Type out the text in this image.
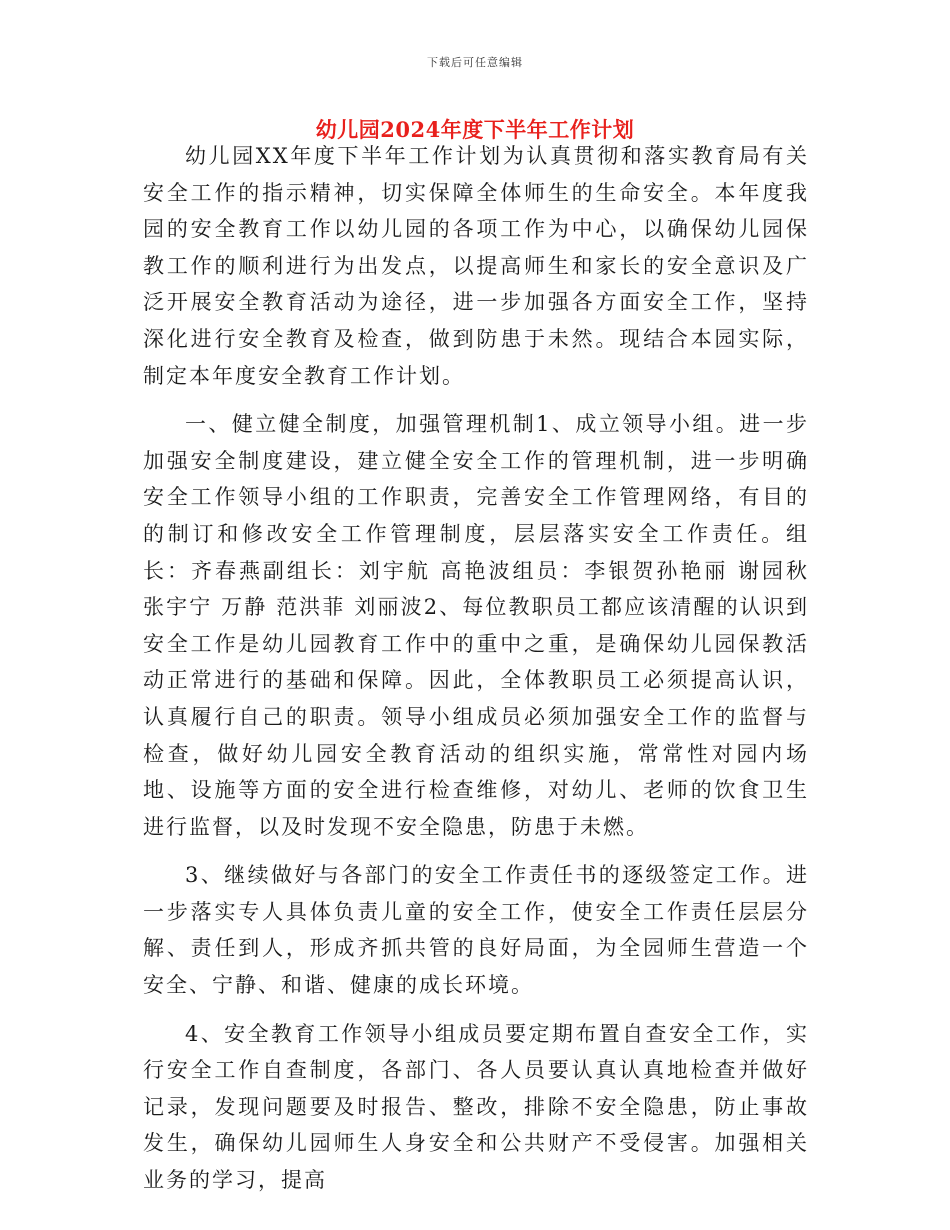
下载后可任意编辑
幼儿园2024年度下半年工作计划

幼儿园XX年度下半年工作计划为认真贯彻和落实教育局有关安全工作的指示精神，切实保障全体师生的生命安全。本年度我园的安全教育工作以幼儿园的各项工作为中心，以确保幼儿园保教工作的顺利进行为出发点，以提高师生和家长的安全意识及广泛开展安全教育活动为途径，进一步加强各方面安全工作，坚持深化进行安全教育及检查，做到防患于未然。现结合本园实际，制定本年度安全教育工作计划。

一、健立健全制度，加强管理机制1、成立领导小组。进一步加强安全制度建设，建立健全安全工作的管理机制，进一步明确安全工作领导小组的工作职责，完善安全工作管理网络，有目的的制订和修改安全工作管理制度，层层落实安全工作责任。组 长：齐春燕副组长：刘宇航 高艳波组员：李银贺孙艳丽 谢园秋 张宇宁 万静 范洪菲 刘丽波2、每位教职员工都应该清醒的认识到安全工作是幼儿园教育工作中的重中之重，是确保幼儿园保教活动正常进行的基础和保障。因此，全体教职员工必须提高认识，认真履行自己的职责。领导小组成员必须加强安全工作的监督与检查，做好幼儿园安全教育活动的组织实施，常常性对园内场地、设施等方面的安全进行检查维修，对幼儿、老师的饮食卫生进行监督，以及时发现不安全隐患，防患于未燃。

3、继续做好与各部门的安全工作责任书的逐级签定工作。进一步落实专人具体负责儿童的安全工作，使安全工作责任层层分解、责任到人，形成齐抓共管的良好局面，为全园师生营造一个安全、宁静、和谐、健康的成长环境。

4、安全教育工作领导小组成员要定期布置自查安全工作，实行安全工作自查制度，各部门、各人员要认真认真地检查并做好记录，发现问题要及时报告、整改，排除不安全隐患，防止事故发生，确保幼儿园师生人身安全和公共财产不受侵害。加强相关业务的学习，提高
